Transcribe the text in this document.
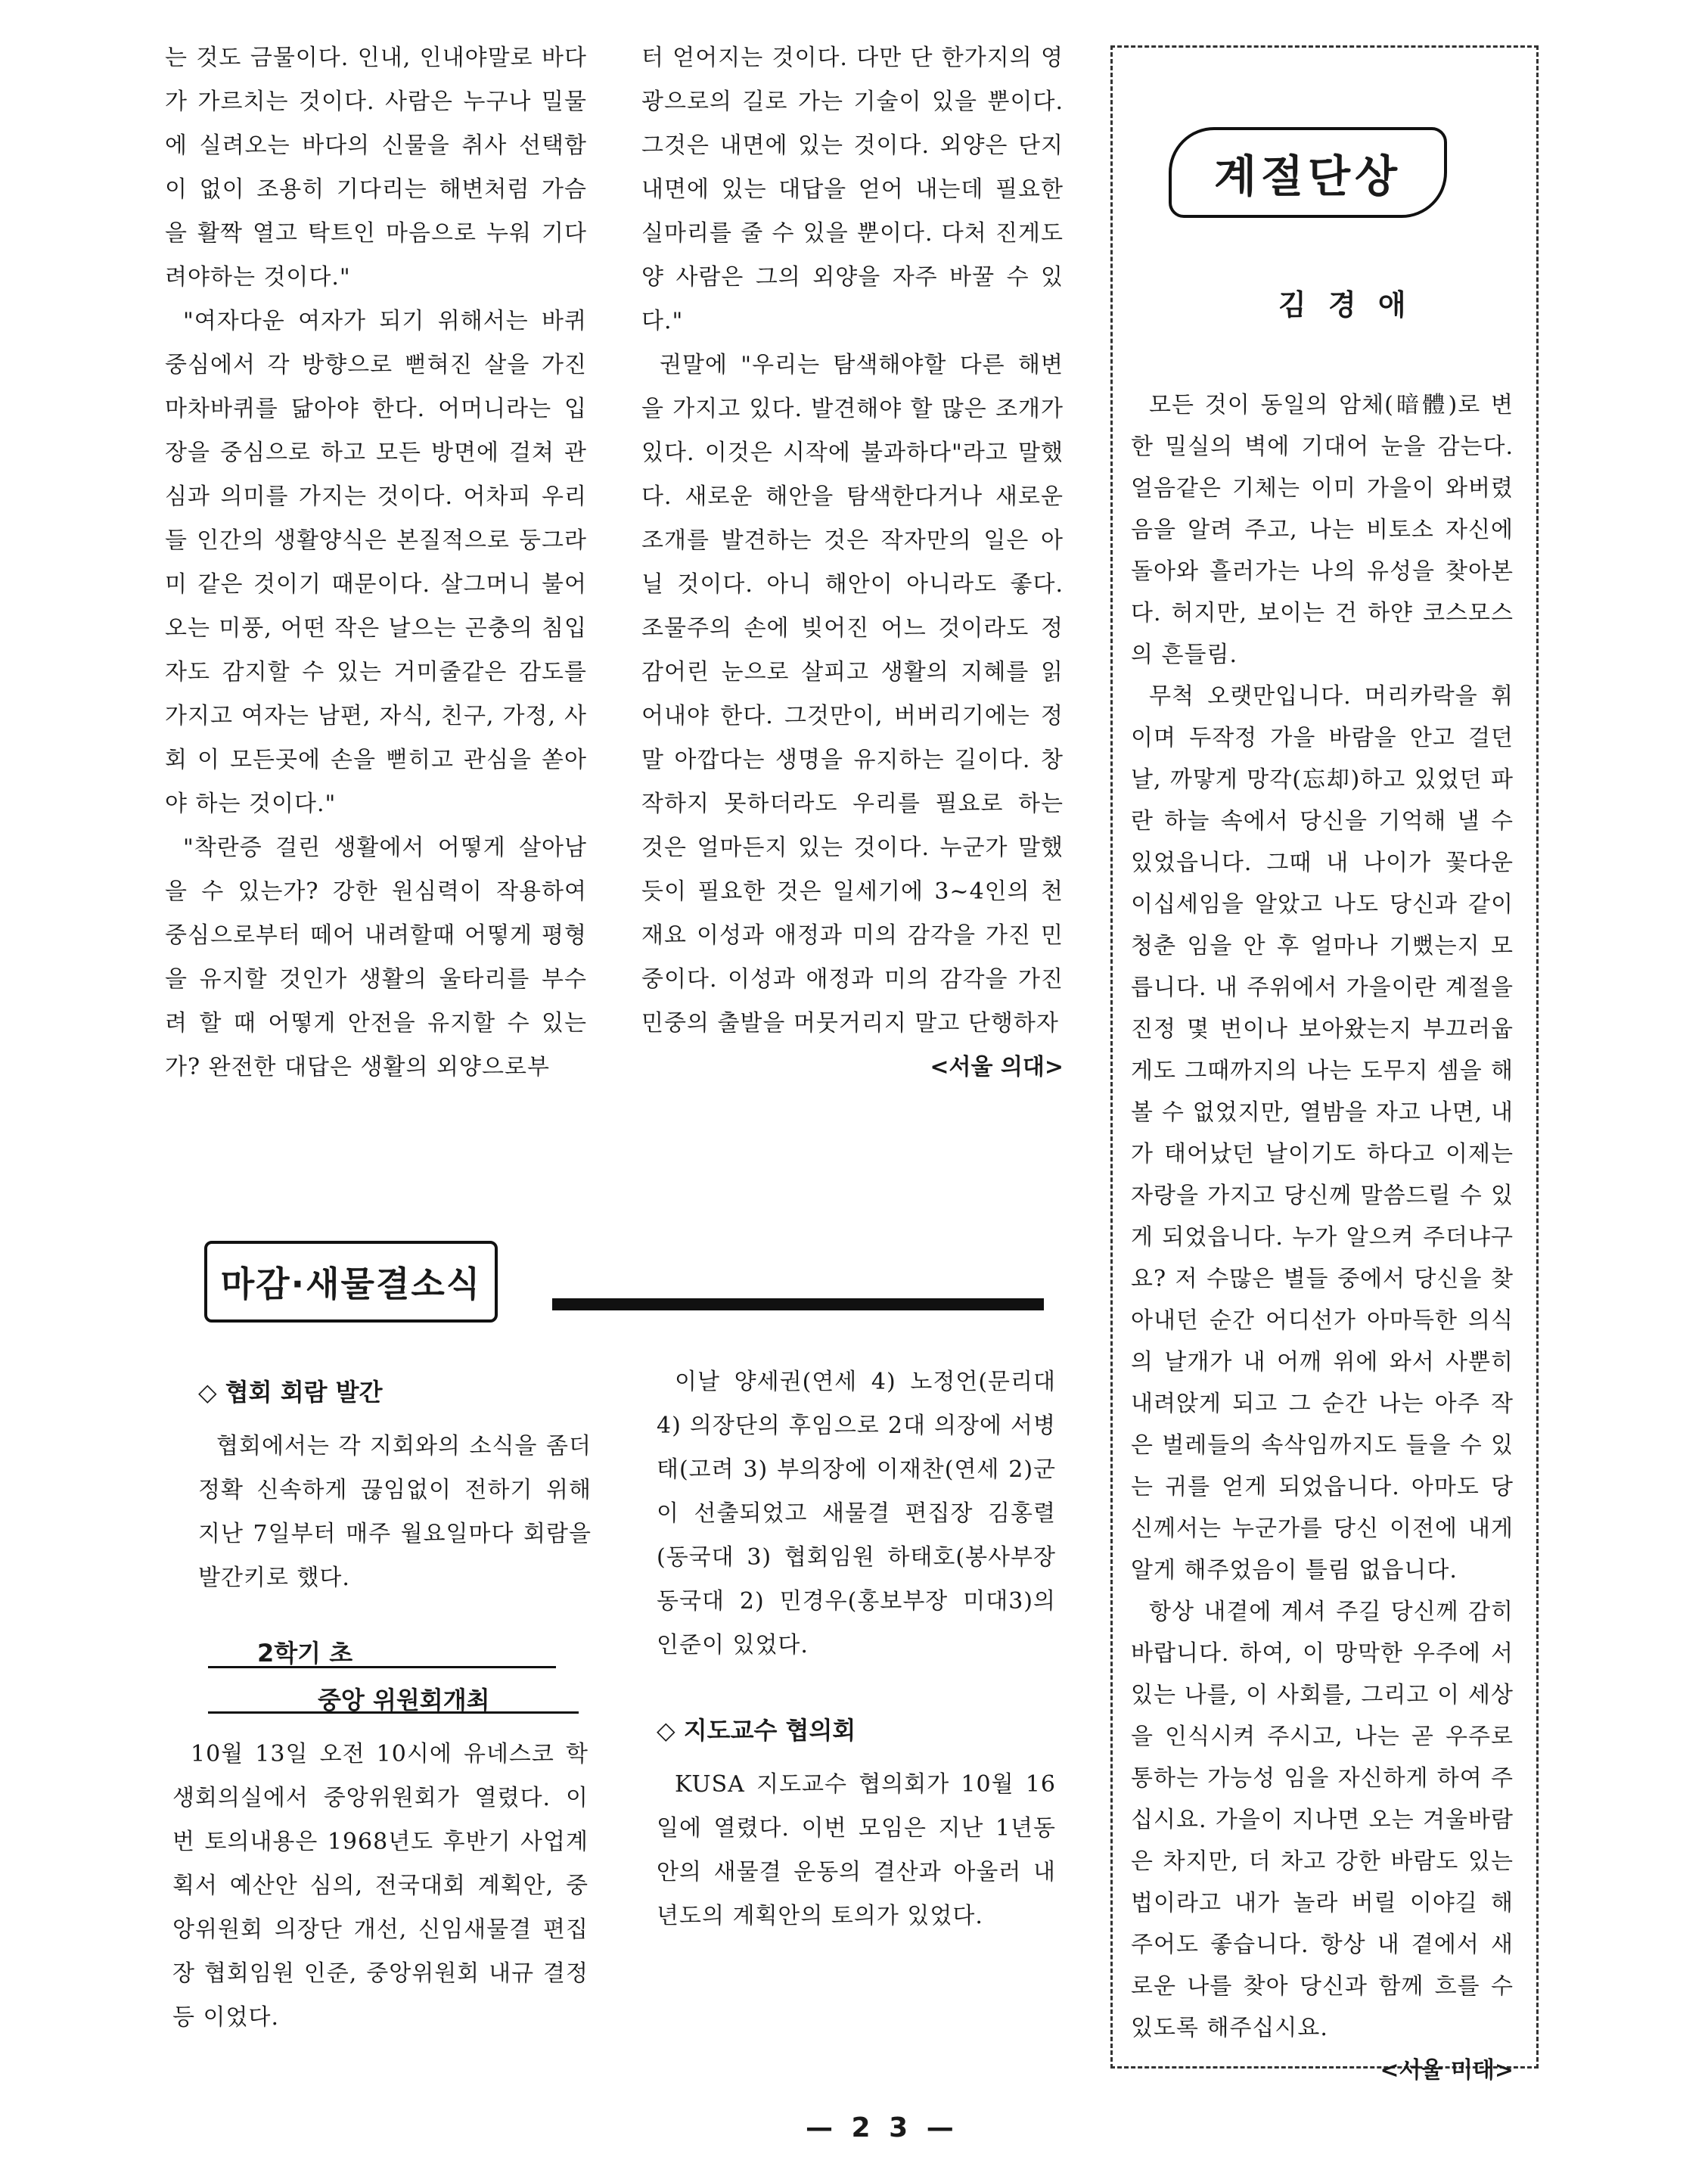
는 것도 금물이다. 인내, 인내야말로 바다가 가르치는 것이다. 사람은 누구나 밀물에 실려오는 바다의 신물을 취사 선택함이 없이 조용히 기다리는 해변처럼 가슴을 활짝 열고 탁트인 마음으로 누워 기다려야하는 것이다."

"여자다운 여자가 되기 위해서는 바퀴중심에서 각 방향으로 뻗혀진 살을 가진 마차바퀴를 닮아야 한다. 어머니라는 입장을 중심으로 하고 모든 방면에 걸쳐 관심과 의미를 가지는 것이다. 어차피 우리들 인간의 생활양식은 본질적으로 둥그라미 같은 것이기 때문이다. 살그머니 불어오는 미풍, 어떤 작은 날으는 곤충의 침입자도 감지할 수 있는 거미줄같은 감도를 가지고 여자는 남편, 자식, 친구, 가정, 사회 이 모든곳에 손을 뻗히고 관심을 쏟아야 하는 것이다."

"착란증 걸린 생활에서 어떻게 살아남을 수 있는가? 강한 원심력이 작용하여 중심으로부터 떼어 내려할때 어떻게 평형을 유지할 것인가 생활의 울타리를 부수려 할 때 어떻게 안전을 유지할 수 있는가? 완전한 대답은 생활의 외양으로부

터 얻어지는 것이다. 다만 단 한가지의 영광으로의 길로 가는 기술이 있을 뿐이다. 그것은 내면에 있는 것이다. 외양은 단지 내면에 있는 대답을 얻어 내는데 필요한 실마리를 줄 수 있을 뿐이다. 다처 진게도 양 사람은 그의 외양을 자주 바꿀 수 있다."

권말에 "우리는 탐색해야할 다른 해변을 가지고 있다. 발견해야 할 많은 조개가 있다. 이것은 시작에 불과하다"라고 말했다. 새로운 해안을 탐색한다거나 새로운 조개를 발견하는 것은 작자만의 일은 아닐 것이다. 아니 해안이 아니라도 좋다. 조물주의 손에 빚어진 어느 것이라도 정감어린 눈으로 살피고 생활의 지혜를 읽어내야 한다. 그것만이, 버버리기에는 정말 아깝다는 생명을 유지하는 길이다. 창작하지 못하더라도 우리를 필요로 하는 것은 얼마든지 있는 것이다. 누군가 말했듯이 필요한 것은 일세기에 3~4인의 천재요 이성과 애정과 미의 감각을 가진 민중이다. 이성과 애정과 미의 감각을 가진 민중의 출발을 머뭇거리지 말고 단행하자

<서울 의대>

계절단상
김 경 애

모든 것이 동일의 암체(暗體)로 변한 밀실의 벽에 기대어 눈을 감는다. 얼음같은 기체는 이미 가을이 와버렸음을 알려 주고, 나는 비토소 자신에 돌아와 흘러가는 나의 유성을 찾아본다. 허지만, 보이는 건 하얀 코스모스의 흔들림.

무척 오랫만입니다. 머리카락을 휘이며 두작정 가을 바람을 안고 걸던 날, 까맣게 망각(忘却)하고 있었던 파란 하늘 속에서 당신을 기억해 낼 수 있었읍니다. 그때 내 나이가 꽃다운 이십세임을 알았고 나도 당신과 같이 청춘 임을 안 후 얼마나 기뻤는지 모릅니다. 내 주위에서 가을이란 계절을 진정 몇 번이나 보아왔는지 부끄러웁게도 그때까지의 나는 도무지 셈을 해 볼 수 없었지만, 열밤을 자고 나면, 내가 태어났던 날이기도 하다고 이제는 자랑을 가지고 당신께 말씀드릴 수 있게 되었읍니다. 누가 알으켜 주더냐구요? 저 수많은 별들 중에서 당신을 찾아내던 순간 어디선가 아마득한 의식의 날개가 내 어깨 위에 와서 사뿐히 내려앉게 되고 그 순간 나는 아주 작은 벌레들의 속삭임까지도 들을 수 있는 귀를 얻게 되었읍니다. 아마도 당신께서는 누군가를 당신 이전에 내게 알게 해주었음이 틀림 없읍니다.

항상 내곁에 계셔 주길 당신께 감히 바랍니다. 하여, 이 망막한 우주에 서 있는 나를, 이 사회를, 그리고 이 세상을 인식시켜 주시고, 나는 곧 우주로 통하는 가능성 임을 자신하게 하여 주십시요. 가을이 지나면 오는 겨울바람은 차지만, 더 차고 강한 바람도 있는 법이라고 내가 놀라 버릴 이야길 해 주어도 좋습니다. 항상 내 곁에서 새로운 나를 찾아 당신과 함께 흐를 수 있도록 해주십시요.

<서울 미대>

마감·새물결소식

◇ 협회 회람 발간

협회에서는 각 지회와의 소식을 좀더 정확 신속하게 끊임없이 전하기 위해 지난 7일부터 매주 월요일마다 회람을 발간키로 했다.

2학기 초
중앙 위원회개최

10월 13일 오전 10시에 유네스코 학생회의실에서 중앙위원회가 열렸다. 이번 토의내용은 1968년도 후반기 사업계획서 예산안 심의, 전국대회 계획안, 중앙위원회 의장단 개선, 신임새물결 편집장 협회임원 인준, 중앙위원회 내규 결정등 이었다.

이날 양세권(연세 4) 노정언(문리대 4) 의장단의 후임으로 2대 의장에 서병태(고려 3) 부의장에 이재찬(연세 2)군이 선출되었고 새물결 편집장 김홍렬(동국대 3) 협회임원 하태호(봉사부장 동국대 2) 민경우(홍보부장 미대3)의 인준이 있었다.

◇ 지도교수 협의회

KUSA 지도교수 협의회가 10월 16일에 열렸다. 이번 모임은 지난 1년동안의 새물결 운동의 결산과 아울러 내년도의 계획안의 토의가 있었다.

— 2 3 —
